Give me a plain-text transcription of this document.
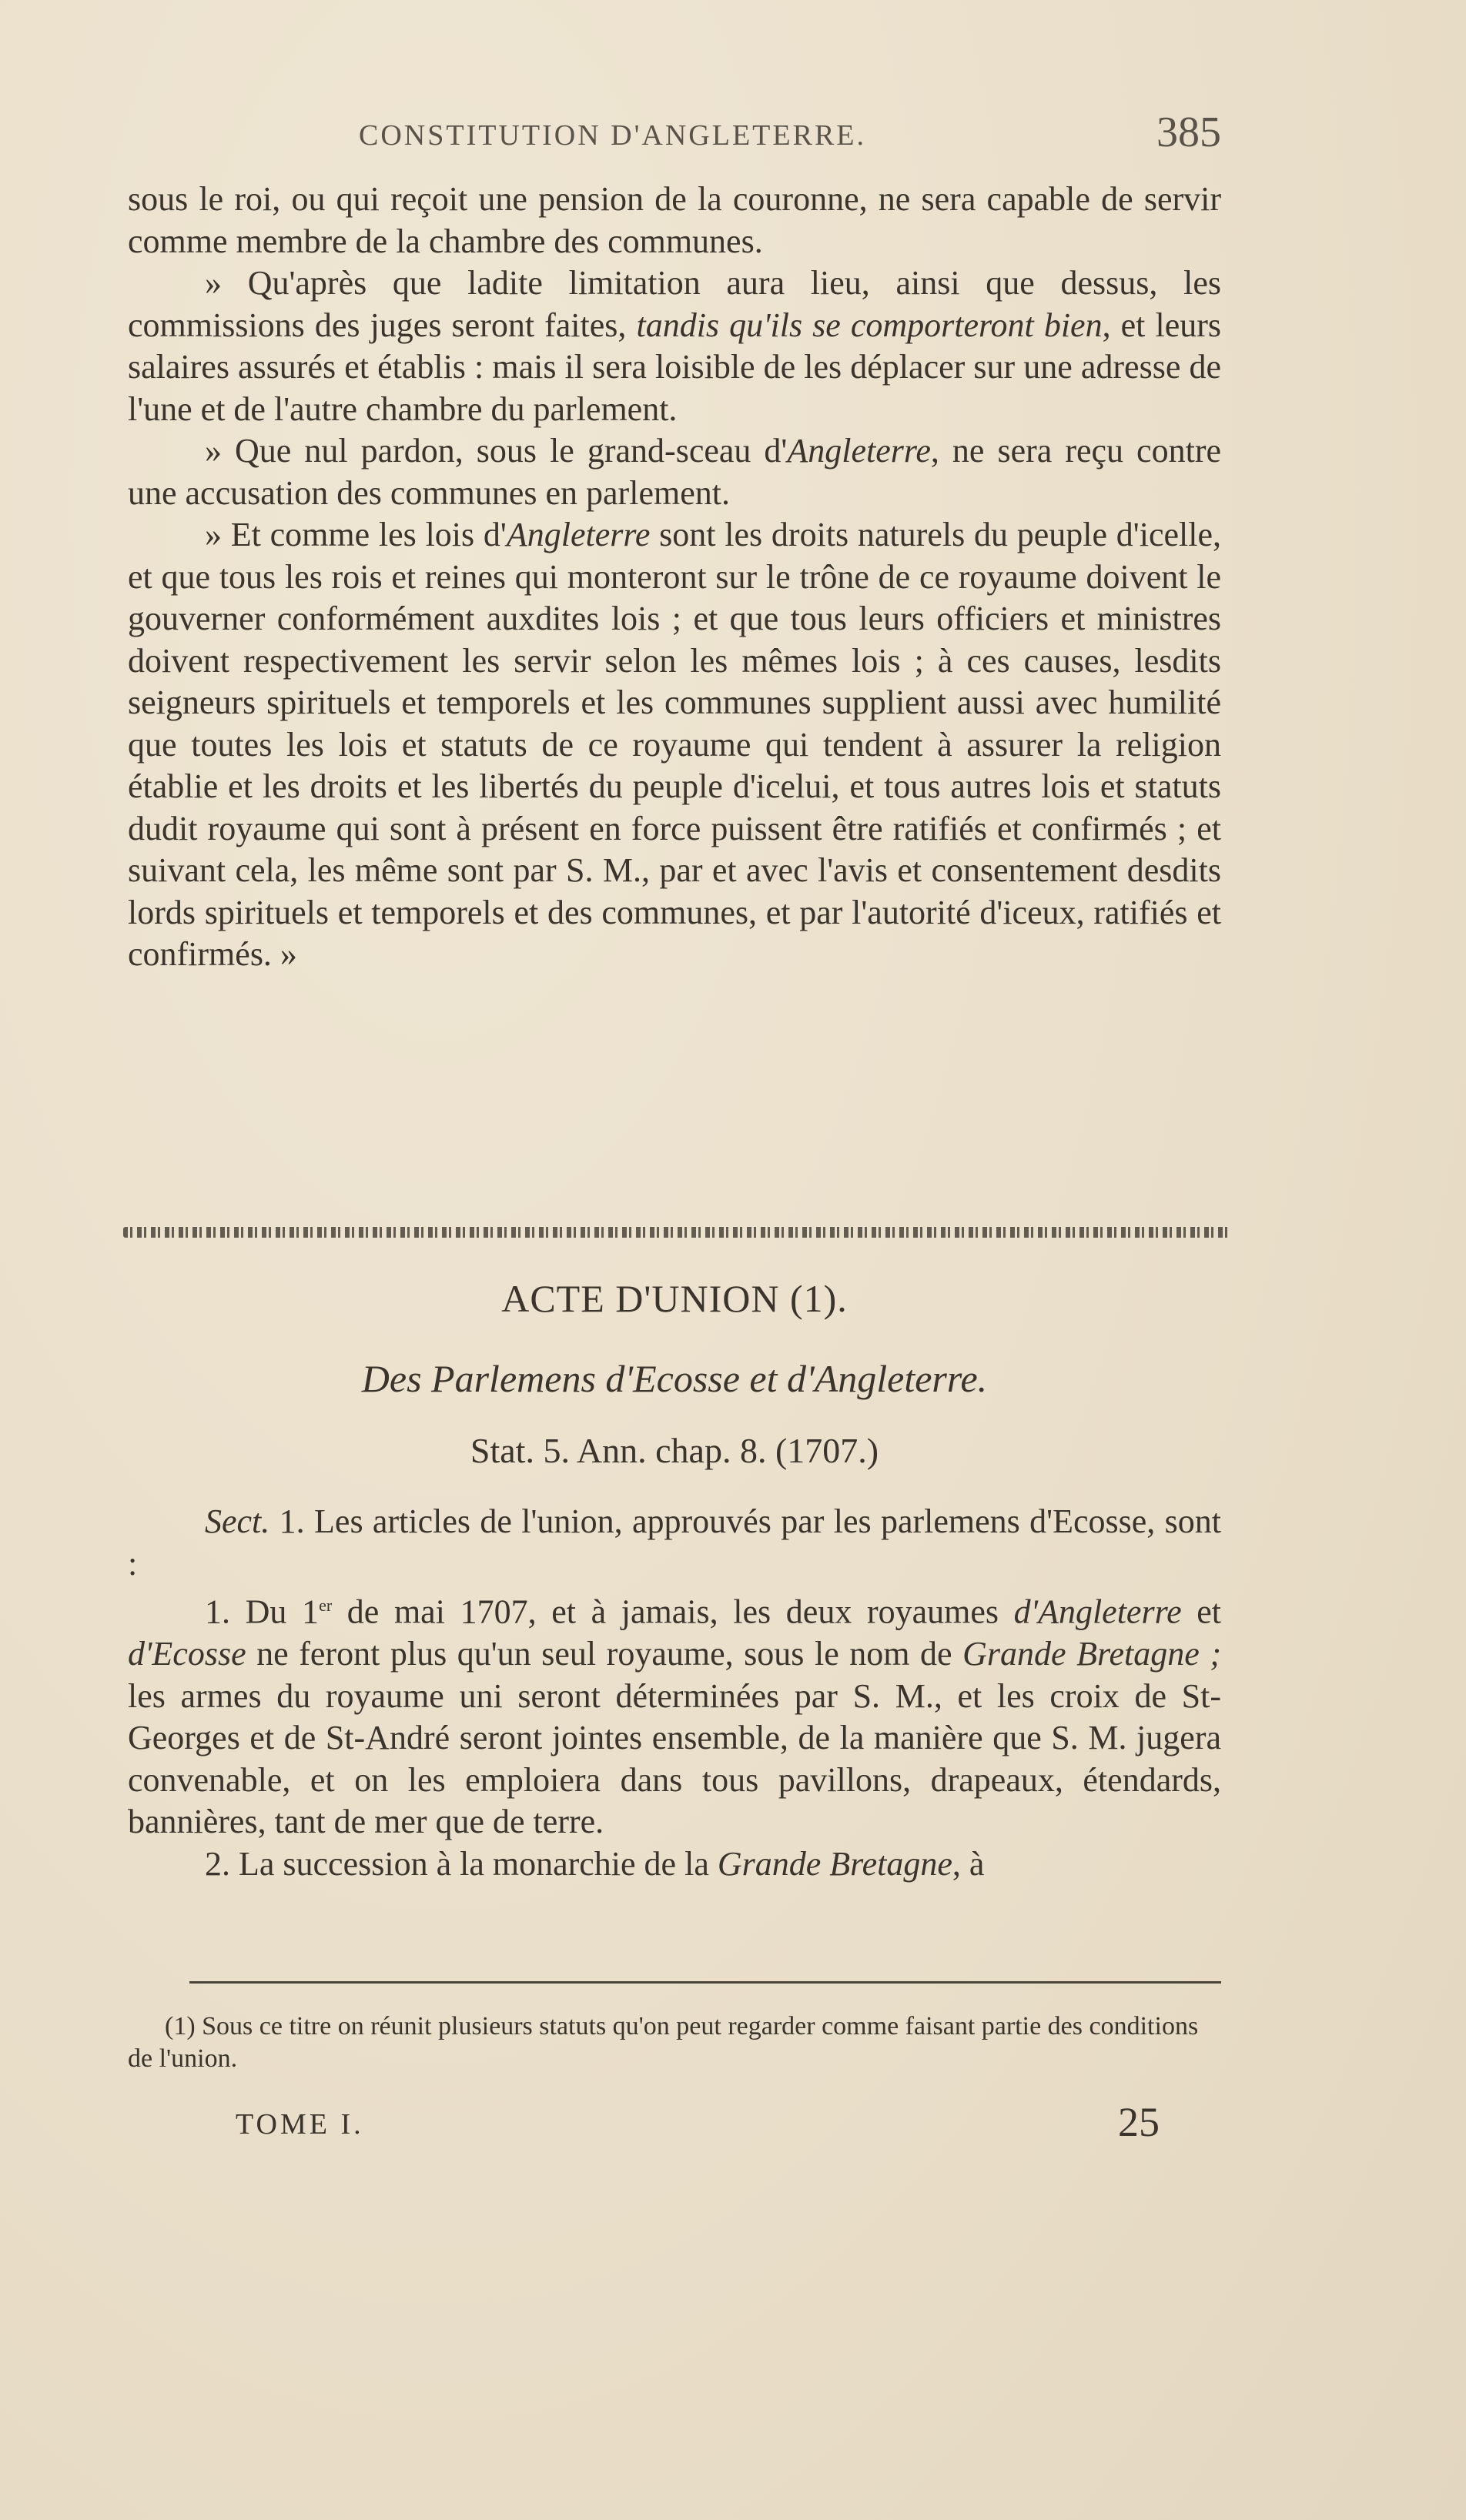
CONSTITUTION D'ANGLETERRE.	385

sous le roi, ou qui reçoit une pension de la couronne, ne sera capable de servir comme membre de la chambre des communes.

» Qu'après que ladite limitation aura lieu, ainsi que dessus, les commissions des juges seront faites, tandis qu'ils se comporteront bien, et leurs salaires assurés et établis : mais il sera loisible de les déplacer sur une adresse de l'une et de l'autre chambre du parlement.

» Que nul pardon, sous le grand-sceau d'Angleterre, ne sera reçu contre une accusation des communes en parlement.

» Et comme les lois d'Angleterre sont les droits naturels du peuple d'icelle, et que tous les rois et reines qui monteront sur le trône de ce royaume doivent le gouverner conformément auxdites lois ; et que tous leurs officiers et ministres doivent respectivement les servir selon les mêmes lois ; à ces causes, lesdits seigneurs spirituels et temporels et les communes supplient aussi avec humilité que toutes les lois et statuts de ce royaume qui tendent à assurer la religion établie et les droits et les libertés du peuple d'icelui, et tous autres lois et statuts dudit royaume qui sont à présent en force puissent être ratifiés et confirmés ; et suivant cela, les même sont par S. M., par et avec l'avis et consentement desdits lords spirituels et temporels et des communes, et par l'autorité d'iceux, ratifiés et confirmés. »

ACTE D'UNION (1).
Des Parlemens d'Ecosse et d'Angleterre.
Stat. 5. Ann. chap. 8. (1707.)

Sect. 1. Les articles de l'union, approuvés par les parlemens d'Ecosse, sont :

1. Du 1er de mai 1707, et à jamais, les deux royaumes d'Angleterre et d'Ecosse ne feront plus qu'un seul royaume, sous le nom de Grande Bretagne ; les armes du royaume uni seront déterminées par S. M., et les croix de St-Georges et de St-André seront jointes ensemble, de la manière que S. M. jugera convenable, et on les emploiera dans tous pavillons, drapeaux, étendards, bannières, tant de mer que de terre.

2. La succession à la monarchie de la Grande Bretagne, à

(1) Sous ce titre on réunit plusieurs statuts qu'on peut regarder comme faisant partie des conditions de l'union.
TOME I.	25
